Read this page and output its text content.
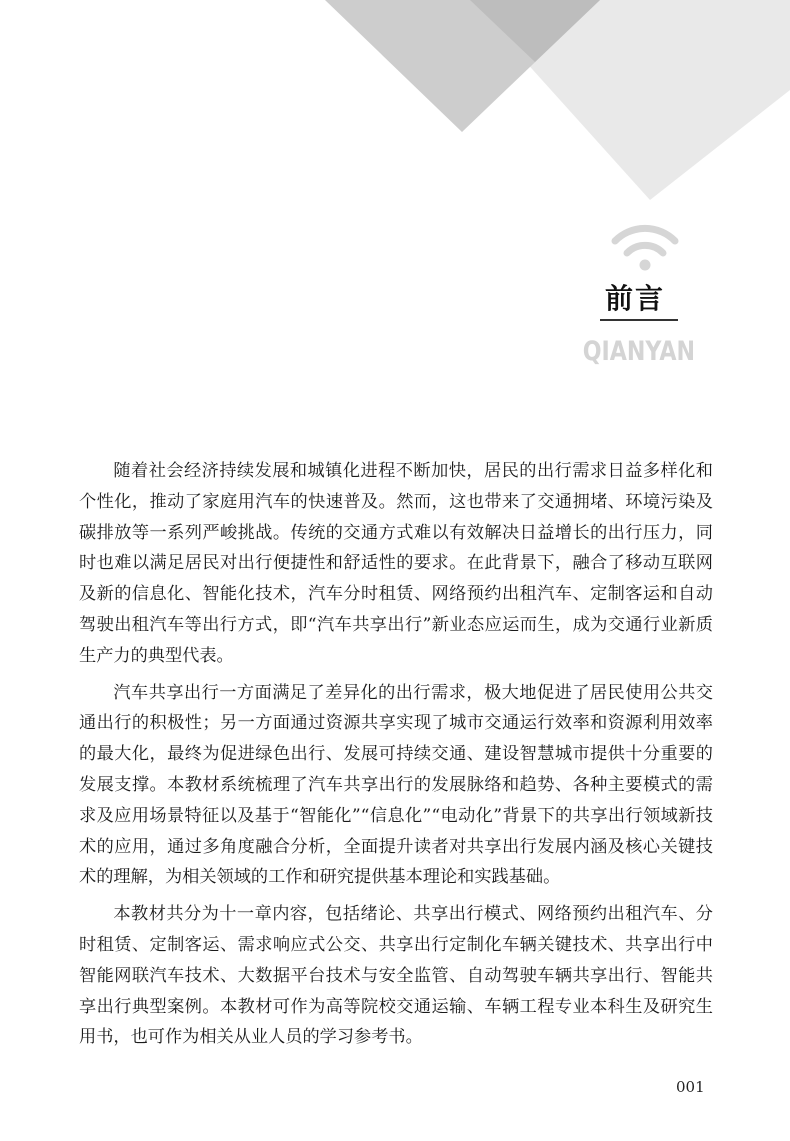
前言
QIANYAN

随着社会经济持续发展和城镇化进程不断加快，居民的出行需求日益多样化和个性化，推动了家庭用汽车的快速普及。然而，这也带来了交通拥堵、环境污染及碳排放等一系列严峻挑战。传统的交通方式难以有效解决日益增长的出行压力，同时也难以满足居民对出行便捷性和舒适性的要求。在此背景下，融合了移动互联网及新的信息化、智能化技术，汽车分时租赁、网络预约出租汽车、定制客运和自动驾驶出租汽车等出行方式，即“汽车共享出行”新业态应运而生，成为交通行业新质生产力的典型代表。

汽车共享出行一方面满足了差异化的出行需求，极大地促进了居民使用公共交通出行的积极性；另一方面通过资源共享实现了城市交通运行效率和资源利用效率的最大化，最终为促进绿色出行、发展可持续交通、建设智慧城市提供十分重要的发展支撑。本教材系统梳理了汽车共享出行的发展脉络和趋势、各种主要模式的需求及应用场景特征以及基于“智能化”“信息化”“电动化”背景下的共享出行领域新技术的应用，通过多角度融合分析，全面提升读者对共享出行发展内涵及核心关键技术的理解，为相关领域的工作和研究提供基本理论和实践基础。

本教材共分为十一章内容，包括绪论、共享出行模式、网络预约出租汽车、分时租赁、定制客运、需求响应式公交、共享出行定制化车辆关键技术、共享出行中智能网联汽车技术、大数据平台技术与安全监管、自动驾驶车辆共享出行、智能共享出行典型案例。本教材可作为高等院校交通运输、车辆工程专业本科生及研究生用书，也可作为相关从业人员的学习参考书。

001
